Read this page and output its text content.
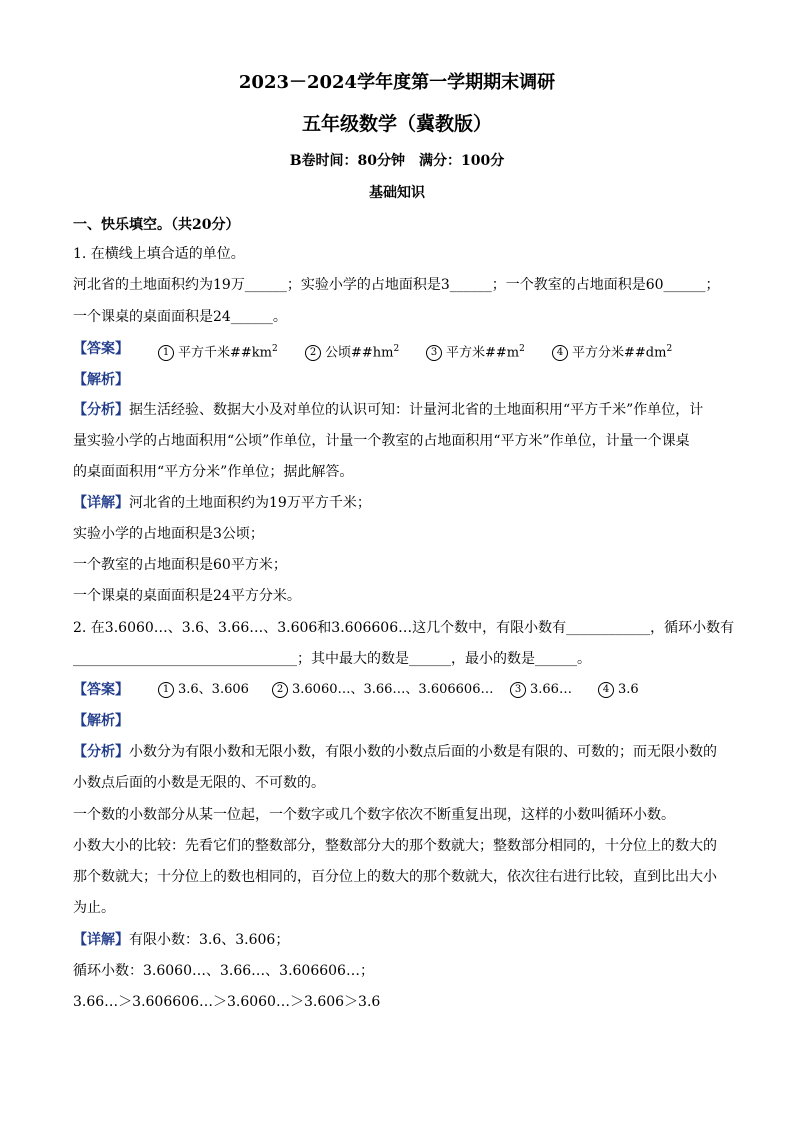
2023－2024学年度第一学期期末调研
五年级数学（冀教版）
B卷时间：80分钟　满分：100分
基础知识
一、快乐填空。（共20分）
1. 在横线上填合适的单位。
河北省的土地面积约为19万______；实验小学的占地面积是3______；一个教室的占地面积是60______；
一个课桌的桌面面积是24______。
【答案】	1 平方千米$\#\#km^2$	2 公顷$\#\#hm^2$	3 平方米$\#\#m^2$	4 平方分米$\#\#dm^2$
【解析】
【分析】据生活经验、数据大小及对单位的认识可知：计量河北省的土地面积用“平方千米”作单位，计
量实验小学的占地面积用“公顷”作单位，计量一个教室的占地面积用“平方米”作单位，计量一个课桌
的桌面面积用“平方分米”作单位；据此解答。
【详解】河北省的土地面积约为19万平方千米；
实验小学的占地面积是3公顷；
一个教室的占地面积是60平方米；
一个课桌的桌面面积是24平方分米。
2. 在3.6060…、3.6、3.66…、3.606和3.606606…这几个数中，有限小数有____________，循环小数有
________________________________；其中最大的数是______，最小的数是______。
【答案】	1 3.6、3.606	2 3.6060…、3.66…、3.606606…	3 3.66…	4 3.6
【解析】
【分析】小数分为有限小数和无限小数，有限小数的小数点后面的小数是有限的、可数的；而无限小数的
小数点后面的小数是无限的、不可数的。
一个数的小数部分从某一位起，一个数字或几个数字依次不断重复出现，这样的小数叫循环小数。
小数大小的比较：先看它们的整数部分，整数部分大的那个数就大；整数部分相同的，十分位上的数大的
那个数就大；十分位上的数也相同的，百分位上的数大的那个数就大，依次往右进行比较，直到比出大小
为止。
【详解】有限小数：3.6、3.606；
循环小数：3.6060…、3.66…、3.606606…；
3.66…＞3.606606…＞3.6060…＞3.606＞3.6
